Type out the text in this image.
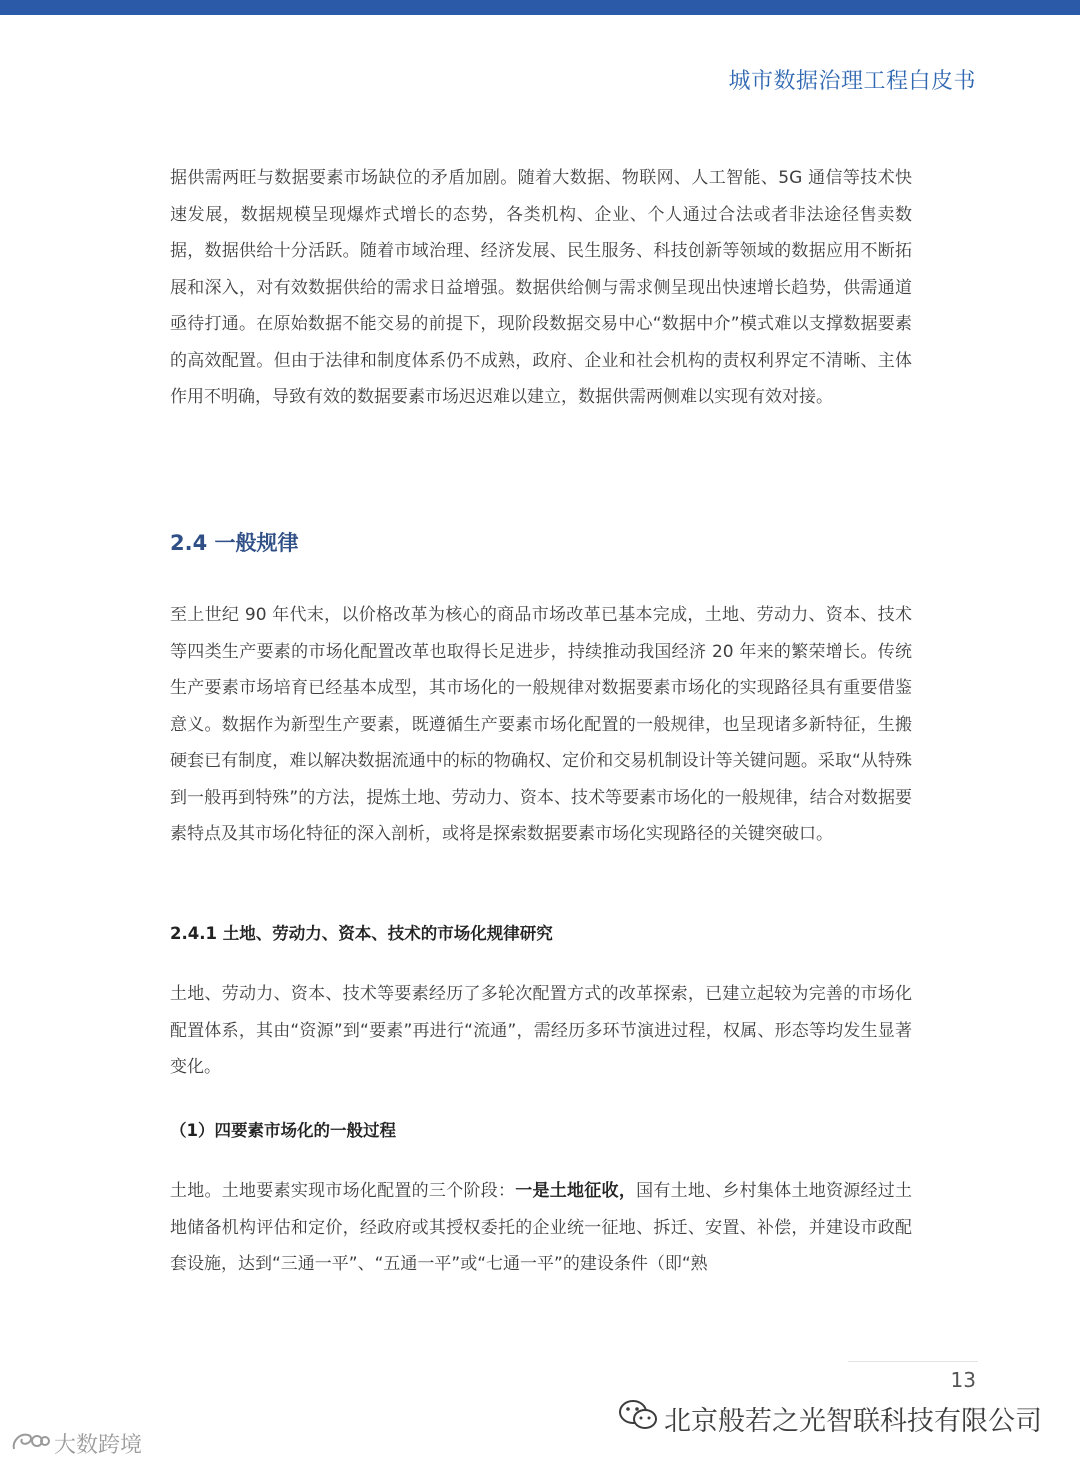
城市数据治理工程白皮书

据供需两旺与数据要素市场缺位的矛盾加剧。随着大数据、物联网、人工智能、5G 通信等技术快速发展，数据规模呈现爆炸式增长的态势，各类机构、企业、个人通过合法或者非法途径售卖数据，数据供给十分活跃。随着市域治理、经济发展、民生服务、科技创新等领域的数据应用不断拓展和深入，对有效数据供给的需求日益增强。数据供给侧与需求侧呈现出快速增长趋势，供需通道亟待打通。在原始数据不能交易的前提下，现阶段数据交易中心“数据中介”模式难以支撑数据要素的高效配置。但由于法律和制度体系仍不成熟，政府、企业和社会机构的责权利界定不清晰、主体作用不明确，导致有效的数据要素市场迟迟难以建立，数据供需两侧难以实现有效对接。

2.4 一般规律

至上世纪 90 年代末，以价格改革为核心的商品市场改革已基本完成，土地、劳动力、资本、技术等四类生产要素的市场化配置改革也取得长足进步，持续推动我国经济 20 年来的繁荣增长。传统生产要素市场培育已经基本成型，其市场化的一般规律对数据要素市场化的实现路径具有重要借鉴意义。数据作为新型生产要素，既遵循生产要素市场化配置的一般规律，也呈现诸多新特征，生搬硬套已有制度，难以解决数据流通中的标的物确权、定价和交易机制设计等关键问题。采取“从特殊到一般再到特殊”的方法，提炼土地、劳动力、资本、技术等要素市场化的一般规律，结合对数据要素特点及其市场化特征的深入剖析，或将是探索数据要素市场化实现路径的关键突破口。

2.4.1 土地、劳动力、资本、技术的市场化规律研究

土地、劳动力、资本、技术等要素经历了多轮次配置方式的改革探索，已建立起较为完善的市场化配置体系，其由“资源”到“要素”再进行“流通”，需经历多环节演进过程，权属、形态等均发生显著变化。

（1）四要素市场化的一般过程

土地。土地要素实现市场化配置的三个阶段：一是土地征收，国有土地、乡村集体土地资源经过土地储备机构评估和定价，经政府或其授权委托的企业统一征地、拆迁、安置、补偿，并建设市政配套设施，达到“三通一平”、“五通一平”或“七通一平”的建设条件（即“熟

13
北京般若之光智联科技有限公司
大数跨境
